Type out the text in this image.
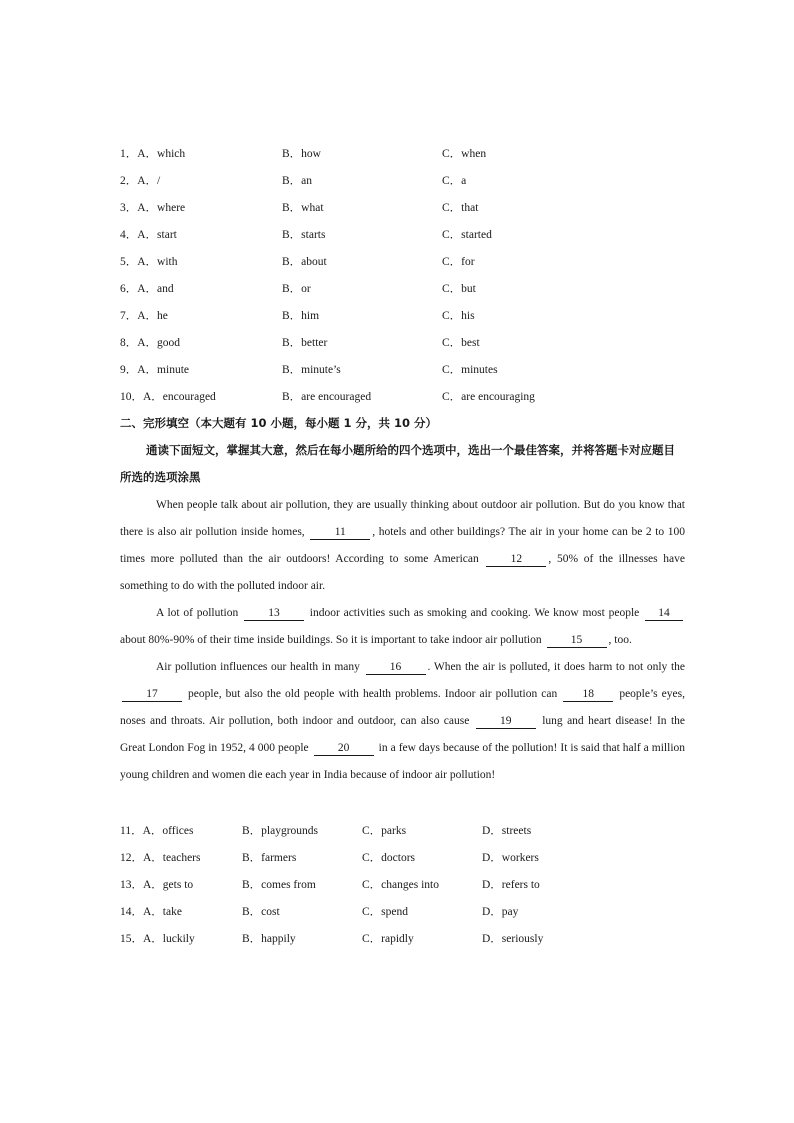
1．A．which	B．how	C．when
2．A．/	B．an	C．a
3．A．where	B．what	C．that
4．A．start	B．starts	C．started
5．A．with	B．about	C．for
6．A．and	B．or	C．but
7．A．he	B．him	C．his
8．A．good	B．better	C．best
9．A．minute	B．minute’s	C．minutes
10．A．encouraged	B．are encouraged	C．are encouraging
二、完形填空（本大题有 10 小题，每小题 1 分，共 10 分）

通读下面短文，掌握其大意，然后在每小题所给的四个选项中，选出一个最佳答案，并将答题卡对应题目所选的选项涂黑

When people talk about air pollution, they are usually thinking about outdoor air pollution. But do you know that there is also air pollution inside homes,	11 , hotels and other buildings? The air in your home can be 2 to 100 times more polluted than the air outdoors! According to some American	12 , 50% of the illnesses have something to do with the polluted indoor air.

A lot of pollution	13	indoor activities such as smoking and cooking. We know most people 14 about 80%-90% of their time inside buildings. So it is important to take indoor air pollution	15 , too.

Air pollution influences our health in many	16 . When the air is polluted, it does harm to not only the 17	people, but also the old people with health problems. Indoor air pollution can 18 people’s eyes, noses and throats. Air pollution, both indoor and outdoor, can also cause	19	lung and heart disease! In the Great London Fog in 1952, 4 000 people	20	in a few days because of the pollution! It is said that half a million young children and women die each year in India because of indoor air pollution!

11．A．offices	B．playgrounds	C．parks	D．streets
12．A．teachers	B．farmers	C．doctors	D．workers
13．A．gets to	B．comes from	C．changes into	D．refers to
14．A．take	B．cost	C．spend	D．pay
15．A．luckily	B．happily	C．rapidly	D．seriously
